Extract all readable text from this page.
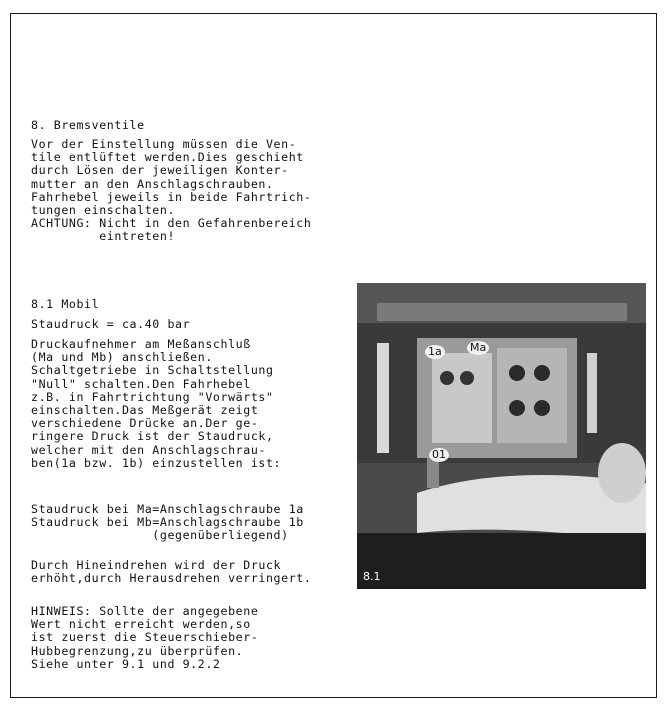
8. Bremsventile

Vor der Einstellung müssen die Ven-
tile entlüftet werden.Dies geschieht
durch Lösen der jeweiligen Konter-
mutter an den Anschlagschrauben.
Fahrhebel jeweils in beide Fahrtrich-
tungen einschalten.
ACHTUNG: Nicht in den Gefahrenbereich
eintreten!

8.1 Mobil

Staudruck = ca.40 bar

Druckaufnehmer am Meßanschluß
(Ma und Mb) anschließen.
Schaltgetriebe in Schaltstellung
"Null" schalten.Den Fahrhebel
z.B. in Fahrtrichtung "Vorwärts"
einschalten.Das Meßgerät zeigt
verschiedene Drücke an.Der ge-
ringere Druck ist der Staudruck,
welcher mit den Anschlagschrau-
ben(1a bzw. 1b) einzustellen ist:

Staudruck bei Ma=Anschlagschraube 1a
Staudruck bei Mb=Anschlagschraube 1b
(gegenüberliegend)

Durch Hineindrehen wird der Druck
erhöht,durch Herausdrehen verringert.

HINWEIS: Sollte der angegebene
Wert nicht erreicht werden,so
ist zuerst die Steuerschieber-
Hubbegrenzung,zu überprüfen.
Siehe unter 9.1 und 9.2.2

1a	Ma
01
8.1
